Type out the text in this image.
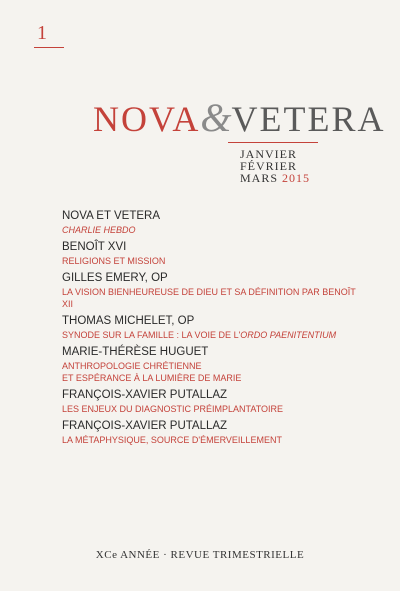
1
NOVA&VETERA
JANVIER
FÉVRIER
MARS 2015
NOVA ET VETERA
CHARLIE HEBDO
BENOÎT XVI
RELIGIONS ET MISSION
GILLES EMERY, OP
LA VISION BIENHEUREUSE DE DIEU ET SA DÉFINITION PAR BENOÎT XII
THOMAS MICHELET, OP
SYNODE SUR LA FAMILLE : LA VOIE DE L'ORDO PAENITENTIUM
MARIE-THÉRÈSE HUGUET
ANTHROPOLOGIE CHRÉTIENNE
ET ESPÉRANCE À LA LUMIÈRE DE MARIE
FRANÇOIS-XAVIER PUTALLAZ
LES ENJEUX DU DIAGNOSTIC PRÉIMPLANTATOIRE
FRANÇOIS-XAVIER PUTALLAZ
LA MÉTAPHYSIQUE, SOURCE D'ÉMERVEILLEMENT
XCe ANNÉE · REVUE TRIMESTRIELLE
